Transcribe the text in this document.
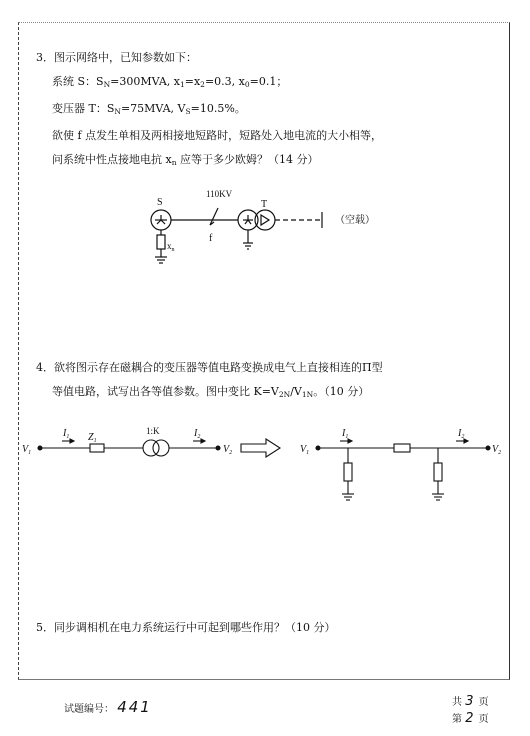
3．图示网络中，已知参数如下：
系统 S：$S_N=300MVA$, $x_1=x_2=0.3$, $x_0=0.1$；
变压器 T：$S_N=75MVA$, $V_S=10.5\%$。
欲使 f 点发生单相及两相接地短路时，短路处入地电流的大小相等，
问系统中性点接地电抗 $x_n$ 应等于多少欧姆？（14 分）
S
110KV
T
f
$x_n$
（空载）
4．欲将图示存在磁耦合的变压器等值电路变换成电气上直接相连的Π型
等值电路，试写出各等值参数。图中变比 $K=V_{2N}/V_{1N}$。（10 分）
$V_1$
$I_1$ $Z_1$
1:K	$I_2$
$V_2$	$V_1$
$I_1$	$I_2$
$V_2$
5．同步调相机在电力系统运行中可起到哪些作用？（10 分）
试题编号： 441	共 3 页
第 2 页
